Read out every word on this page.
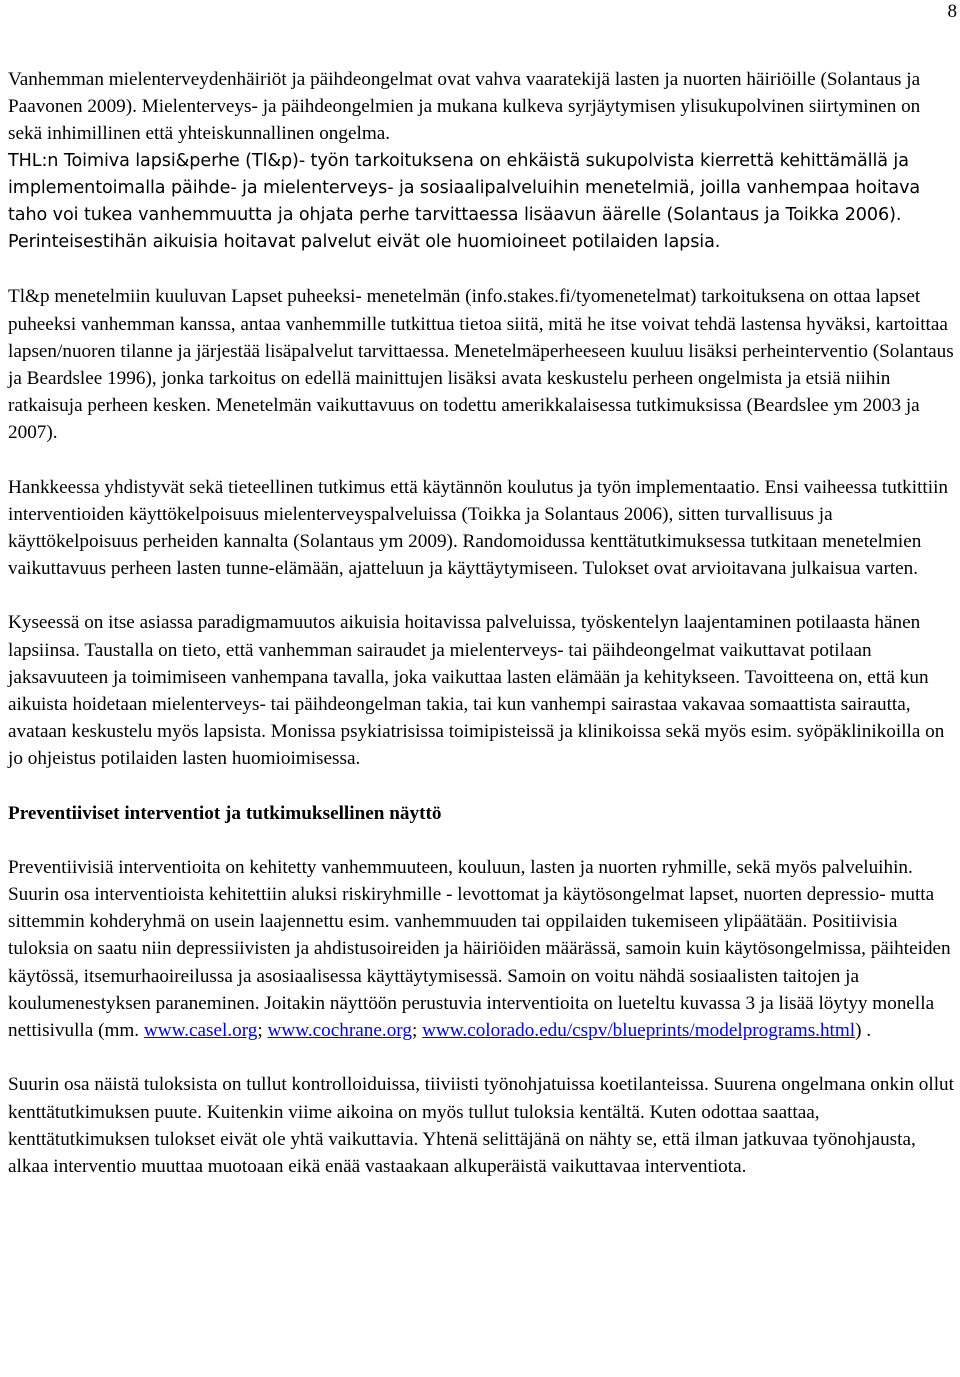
8

Vanhemman mielenterveydenhäiriöt ja päihdeongelmat ovat vahva vaaratekijä lasten ja nuorten häiriöille (Solantaus ja Paavonen 2009). Mielenterveys- ja päihdeongelmien ja mukana kulkeva syrjäytymisen ylisukupolvinen siirtyminen on sekä inhimillinen että yhteiskunnallinen ongelma.

THL:n Toimiva lapsi&perhe (Tl&p)- työn tarkoituksena on ehkäistä sukupolvista kierrettä kehittämällä ja implementoimalla päihde- ja mielenterveys- ja sosiaalipalveluihin menetelmiä, joilla vanhempaa hoitava taho voi tukea vanhemmuutta ja ohjata perhe tarvittaessa lisäavun äärelle (Solantaus ja Toikka 2006). Perinteisestihän aikuisia hoitavat palvelut eivät ole huomioineet potilaiden lapsia.

Tl&p menetelmiin kuuluvan Lapset puheeksi- menetelmän (info.stakes.fi/tyomenetelmat) tarkoituksena on ottaa lapset puheeksi vanhemman kanssa, antaa vanhemmille tutkittua tietoa siitä, mitä he itse voivat tehdä lastensa hyväksi, kartoittaa lapsen/nuoren tilanne ja järjestää lisäpalvelut tarvittaessa. Menetelmäperheeseen kuuluu lisäksi perheinterventio (Solantaus ja Beardslee 1996), jonka tarkoitus on edellä mainittujen lisäksi avata keskustelu perheen ongelmista ja etsiä niihin ratkaisuja perheen kesken. Menetelmän vaikuttavuus on todettu amerikkalaisessa tutkimuksissa (Beardslee ym 2003 ja 2007).

Hankkeessa yhdistyvät sekä tieteellinen tutkimus että käytännön koulutus ja työn implementaatio. Ensi vaiheessa tutkittiin interventioiden käyttökelpoisuus mielenterveyspalveluissa (Toikka ja Solantaus 2006), sitten turvallisuus ja käyttökelpoisuus perheiden kannalta (Solantaus ym 2009). Randomoidussa kenttätutkimuksessa tutkitaan menetelmien vaikuttavuus perheen lasten tunne-elämään, ajatteluun ja käyttäytymiseen. Tulokset ovat arvioitavana julkaisua varten.

Kyseessä on itse asiassa paradigmamuutos aikuisia hoitavissa palveluissa, työskentelyn laajentaminen potilaasta hänen lapsiinsa. Taustalla on tieto, että vanhemman sairaudet ja mielenterveys- tai päihdeongelmat vaikuttavat potilaan jaksavuuteen ja toimimiseen vanhempana tavalla, joka vaikuttaa lasten elämään ja kehitykseen. Tavoitteena on, että kun aikuista hoidetaan mielenterveys- tai päihdeongelman takia, tai kun vanhempi sairastaa vakavaa somaattista sairautta, avataan keskustelu myös lapsista. Monissa psykiatrisissa toimipisteissä ja klinikoissa sekä myös esim. syöpäklinikoilla on jo ohjeistus potilaiden lasten huomioimisessa.

Preventiiviset interventiot ja tutkimuksellinen näyttö

Preventiivisiä interventioita on kehitetty vanhemmuuteen, kouluun, lasten ja nuorten ryhmille, sekä myös palveluihin. Suurin osa interventioista kehitettiin aluksi riskiryhmille - levottomat ja käytösongelmat lapset, nuorten depressio- mutta sittemmin kohderyhmä on usein laajennettu esim. vanhemmuuden tai oppilaiden tukemiseen ylipäätään. Positiivisia tuloksia on saatu niin depressiivisten ja ahdistusoireiden ja häiriöiden määrässä, samoin kuin käytösongelmissa, päihteiden käytössä, itsemurhaoireilussa ja asosiaalisessa käyttäytymisessä. Samoin on voitu nähdä sosiaalisten taitojen ja koulumenestyksen paraneminen. Joitakin näyttöön perustuvia interventioita on lueteltu kuvassa 3 ja lisää löytyy monella nettisivulla (mm. www.casel.org; www.cochrane.org; www.colorado.edu/cspv/blueprints/modelprograms.html) .

Suurin osa näistä tuloksista on tullut kontrolloiduissa, tiiviisti työnohjatuissa koetilanteissa. Suurena ongelmana onkin ollut kenttätutkimuksen puute. Kuitenkin viime aikoina on myös tullut tuloksia kentältä. Kuten odottaa saattaa, kenttätutkimuksen tulokset eivät ole yhtä vaikuttavia. Yhtenä selittäjänä on nähty se, että ilman jatkuvaa työnohjausta, alkaa interventio muuttaa muotoaan eikä enää vastaakaan alkuperäistä vaikuttavaa interventiota.
